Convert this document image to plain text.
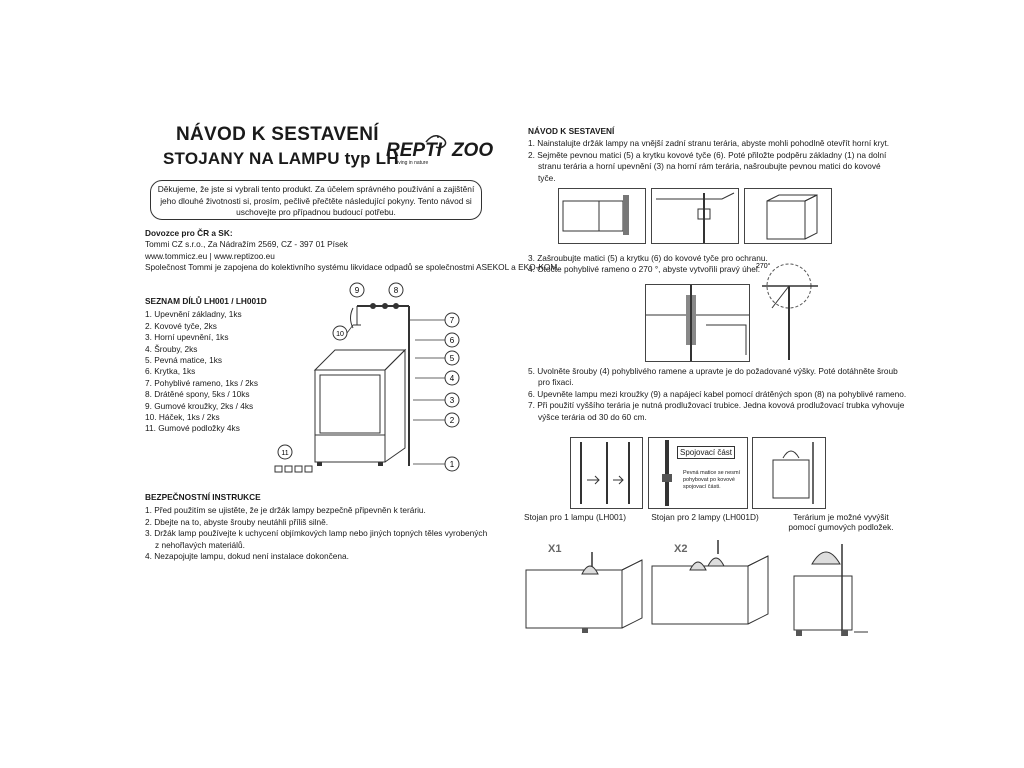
NÁVOD K SESTAVENÍ
STOJANY NA LAMPU typ LH
REPTI ZOO
living in nature
Děkujeme, že jste si vybrali tento produkt. Za účelem správného používání a zajištění jeho dlouhé životnosti si, prosím, pečlivě přečtěte následující pokyny. Tento návod si uschovejte pro případnou budoucí potřebu.
Dovozce pro ČR a SK:
Tommi CZ s.r.o., Za Nádražím 2569, CZ - 397 01 Písek
www.tommicz.eu | www.reptizoo.eu
Společnost Tommi je zapojena do kolektivního systému likvidace odpadů se společnostmi ASEKOL a EKO-KOM.
SEZNAM DÍLŮ LH001 / LH001D
1. Upevnění základny, 1ks
2. Kovové tyče, 2ks
3. Horní upevnění, 1ks
4. Šrouby, 2ks
5. Pevná matice, 1ks
6. Krytka, 1ks
7. Pohyblivé rameno, 1ks / 2ks
8. Drátěné spony, 5ks / 10ks
9. Gumové kroužky, 2ks / 4ks
10. Háček, 1ks / 2ks
11. Gumové podložky 4ks
7
6
5
4
3
2
1
9	8
10
11
BEZPEČNOSTNÍ INSTRUKCE
1. Před použitím se ujistěte, že je držák lampy bezpečně připevněn k teráriu.
2. Dbejte na to, abyste šrouby neutáhli příliš silně.
3. Držák lamp používejte k uchycení objímkových lamp nebo jiných topných těles vyrobených
z nehořlavých materiálů.
4. Nezapojujte lampu, dokud není instalace dokončena.
NÁVOD K SESTAVENÍ
1. Nainstalujte držák lampy na vnější zadní stranu terária, abyste mohli pohodlně otevřít horní kryt.
2. Sejměte pevnou matici (5) a krytku kovové tyče (6). Poté přiložte podpěru základny (1) na dolní
stranu terária a horní upevnění (3) na horní rám terária, našroubujte pevnou matici do kovové
tyče.
3. Zašroubujte matici (5) a krytku (6) do kovové tyče pro ochranu.
4. Otočte pohyblivé rameno o 270 °, abyste vytvořili pravý úhel.
270°
5. Uvolněte šrouby (4) pohyblivého ramene a upravte je do požadované výšky. Poté dotáhněte šroub
pro fixaci.
6. Upevněte lampu mezi kroužky (9) a napájecí kabel pomocí drátěných spon (8) na pohyblivé rameno.
7. Při použití vyššího terária je nutná prodlužovací trubice. Jedna kovová prodlužovací trubka vyhovuje
výšce terária od 30 do 60 cm.
Spojovací část
Pevná matice se nesmí pohybovat po kovové spojovací části.
Stojan pro 1 lampu (LH001)	Stojan pro 2 lampy (LH001D)	Terárium je možné vyvýšit
pomocí gumových podložek.
X1	X2
